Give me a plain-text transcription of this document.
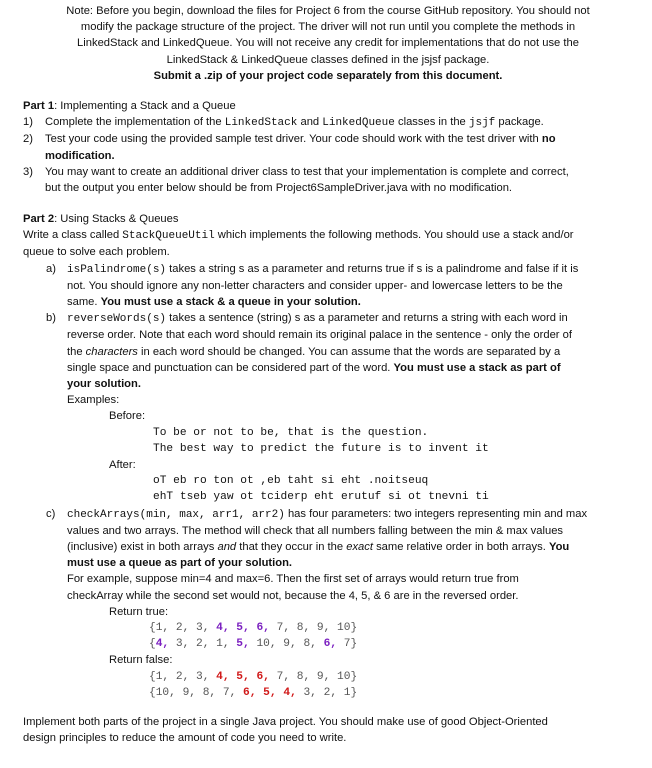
Note: Before you begin, download the files for Project 6 from the course GitHub repository. You should not

modify the package structure of the project. The driver will not run until you complete the methods in

LinkedStack and LinkedQueue. You will not receive any credit for implementations that do not use the

LinkedStack & LinkedQueue classes defined in the jsjsf package.

Submit a .zip of your project code separately from this document.

Part 1: Implementing a Stack and a Queue
1) Complete the implementation of the LinkedStack and LinkedQueue classes in the jsjf package.
2) Test your code using the provided sample test driver. Your code should work with the test driver with no
modification.
3) You may want to create an additional driver class to test that your implementation is complete and correct,
but the output you enter below should be from Project6SampleDriver.java with no modification.
Part 2: Using Stacks & Queues
Write a class called StackQueueUtil which implements the following methods. You should use a stack and/or
queue to solve each problem.
a) isPalindrome(s) takes a string s as a parameter and returns true if s is a palindrome and false if it is
not. You should ignore any non-letter characters and consider upper- and lowercase letters to be the
same. You must use a stack & a queue in your solution.
b) reverseWords(s) takes a sentence (string) s as a parameter and returns a string with each word in
reverse order. Note that each word should remain its original palace in the sentence - only the order of
the characters in each word should be changed. You can assume that the words are separated by a
single space and punctuation can be considered part of the word. You must use a stack as part of
your solution.
Examples:
Before:
To be or not to be, that is the question.
The best way to predict the future is to invent it
After:
oT eb ro ton ot ,eb taht si eht .noitseuq
ehT tseb yaw ot tciderp eht erutuf si ot tnevni ti
c) checkArrays(min, max, arr1, arr2) has four parameters: two integers representing min and max
values and two arrays. The method will check that all numbers falling between the min & max values
(inclusive) exist in both arrays and that they occur in the exact same relative order in both arrays. You
must use a queue as part of your solution.
For example, suppose min=4 and max=6. Then the first set of arrays would return true from
checkArray while the second set would not, because the 4, 5, & 6 are in the reversed order.
Return true:
{1, 2, 3, 4, 5, 6, 7, 8, 9, 10}
{4, 3, 2, 1, 5, 10, 9, 8, 6, 7}
Return false:
{1, 2, 3, 4, 5, 6, 7, 8, 9, 10}
{10, 9, 8, 7, 6, 5, 4, 3, 2, 1}
Implement both parts of the project in a single Java project. You should make use of good Object-Oriented
design principles to reduce the amount of code you need to write.
